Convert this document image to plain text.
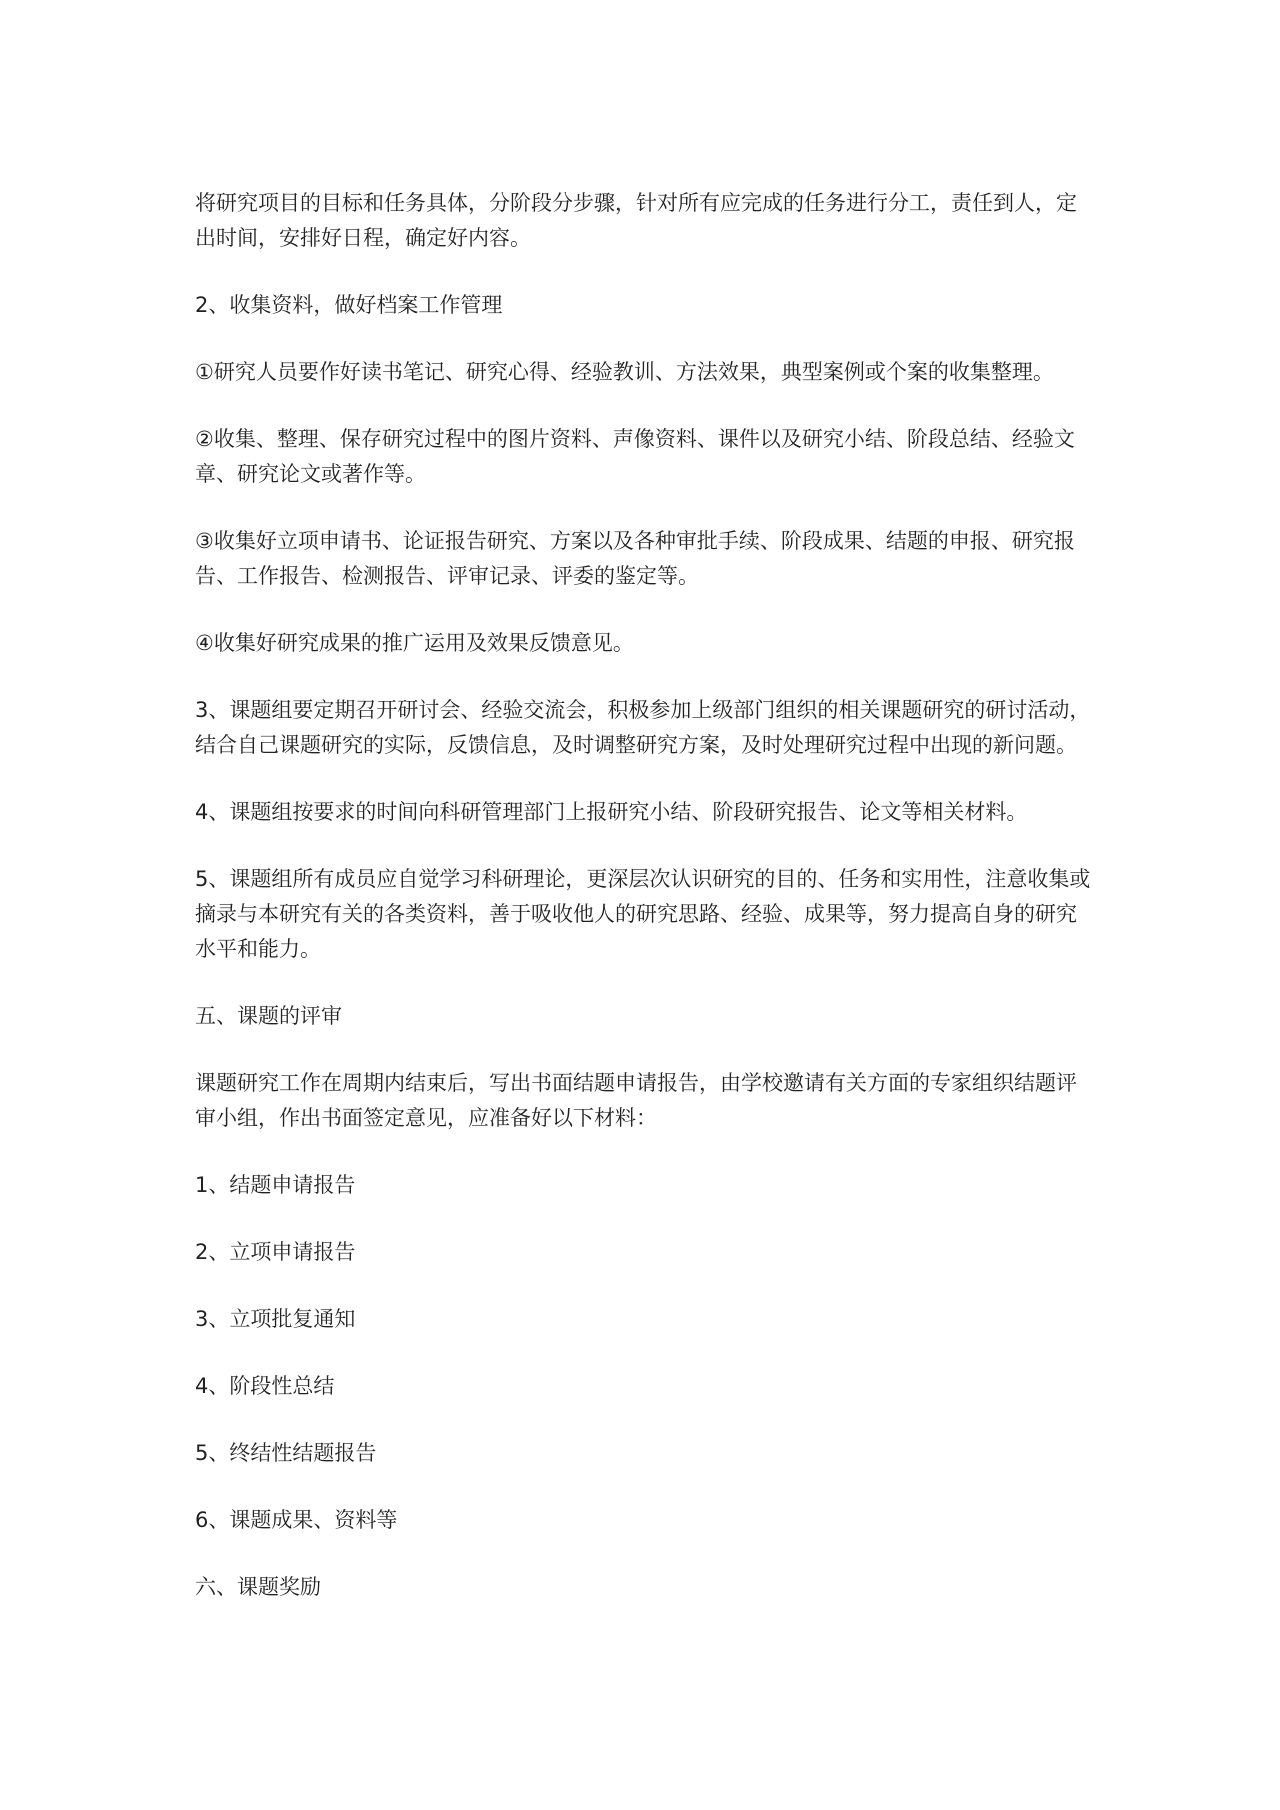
将研究项目的目标和任务具体，分阶段分步骤，针对所有应完成的任务进行分工，责任到人，定出时间，安排好日程，确定好内容。

2、收集资料，做好档案工作管理

①研究人员要作好读书笔记、研究心得、经验教训、方法效果，典型案例或个案的收集整理。

②收集、整理、保存研究过程中的图片资料、声像资料、课件以及研究小结、阶段总结、经验文章、研究论文或著作等。

③收集好立项申请书、论证报告研究、方案以及各种审批手续、阶段成果、结题的申报、研究报告、工作报告、检测报告、评审记录、评委的鉴定等。

④收集好研究成果的推广运用及效果反馈意见。

3、课题组要定期召开研讨会、经验交流会，积极参加上级部门组织的相关课题研究的研讨活动，结合自己课题研究的实际，反馈信息，及时调整研究方案，及时处理研究过程中出现的新问题。

4、课题组按要求的时间向科研管理部门上报研究小结、阶段研究报告、论文等相关材料。

5、课题组所有成员应自觉学习科研理论，更深层次认识研究的目的、任务和实用性，注意收集或摘录与本研究有关的各类资料，善于吸收他人的研究思路、经验、成果等，努力提高自身的研究水平和能力。

五、课题的评审

课题研究工作在周期内结束后，写出书面结题申请报告，由学校邀请有关方面的专家组织结题评审小组，作出书面签定意见，应准备好以下材料：

1、结题申请报告

2、立项申请报告

3、立项批复通知

4、阶段性总结

5、终结性结题报告

6、课题成果、资料等

六、课题奖励
